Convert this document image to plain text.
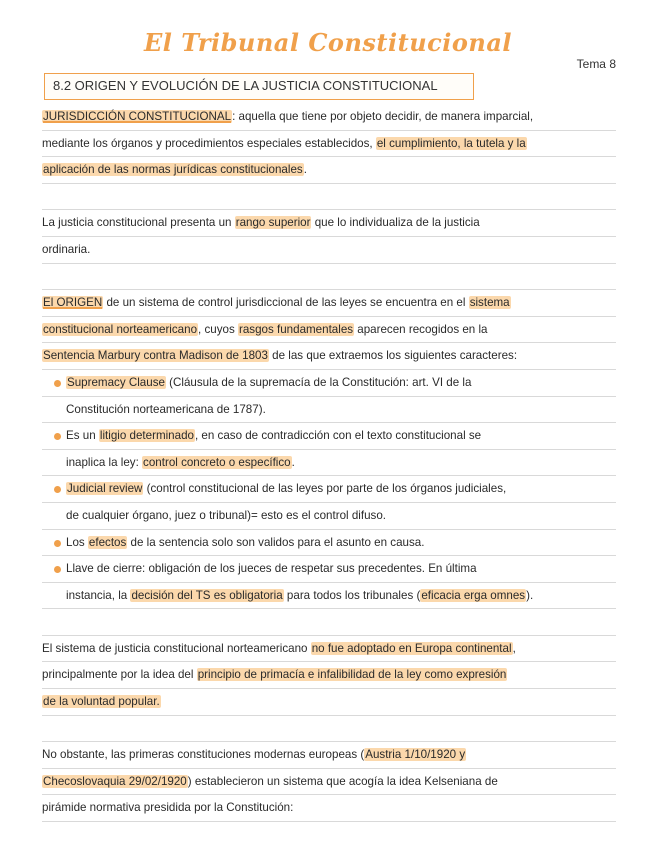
El Tribunal Constitucional
Tema 8
8.2 ORIGEN Y EVOLUCIÓN DE LA JUSTICIA CONSTITUCIONAL
JURISDICCIÓN CONSTITUCIONAL: aquella que tiene por objeto decidir, de manera imparcial,
mediante los órganos y procedimientos especiales establecidos, el cumplimiento, la tutela y la
aplicación de las normas jurídicas constitucionales.
La justicia constitucional presenta un rango superior que lo individualiza de la justicia
ordinaria.
El ORIGEN de un sistema de control jurisdiccional de las leyes se encuentra en el sistema
constitucional norteamericano, cuyos rasgos fundamentales aparecen recogidos en la
Sentencia Marbury contra Madison de 1803 de las que extraemos los siguientes caracteres:
Supremacy Clause (Cláusula de la supremacía de la Constitución: art. VI de la
Constitución norteamericana de 1787).
Es un litigio determinado, en caso de contradicción con el texto constitucional se
inaplica la ley: control concreto o específico.
Judicial review (control constitucional de las leyes por parte de los órganos judiciales,
de cualquier órgano, juez o tribunal)= esto es el control difuso.
Los efectos de la sentencia solo son validos para el asunto en causa.
Llave de cierre: obligación de los jueces de respetar sus precedentes. En última
instancia, la decisión del TS es obligatoria para todos los tribunales (eficacia erga omnes).
El sistema de justicia constitucional norteamericano no fue adoptado en Europa continental,
principalmente por la idea del principio de primacía e infalibilidad de la ley como expresión
de la voluntad popular.
No obstante, las primeras constituciones modernas europeas (Austria 1/10/1920 y
Checoslovaquia 29/02/1920) establecieron un sistema que acogía la idea Kelseniana de
pirámide normativa presidida por la Constitución:
